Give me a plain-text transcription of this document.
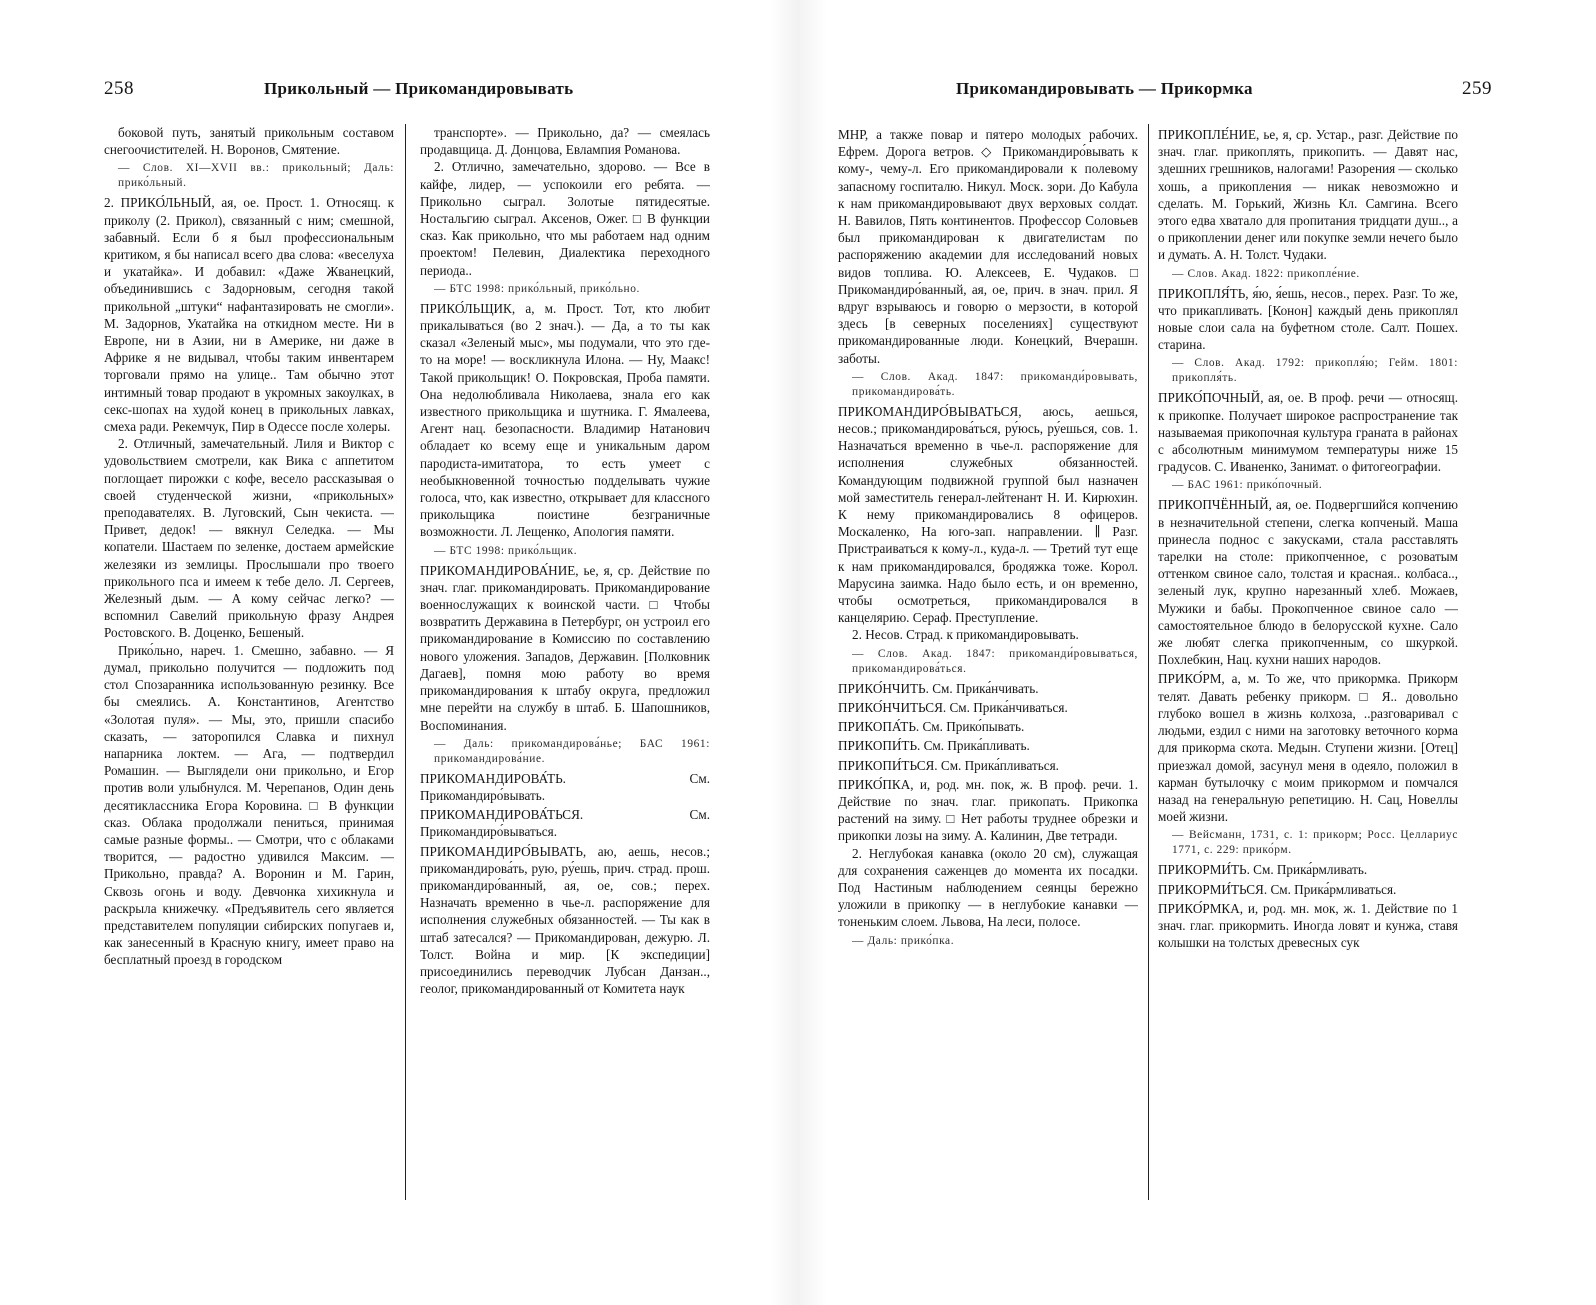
258	Прикольный — Прикомандировывать

боковой путь, занятый прикольным составом снегоочистителей. Н. Воронов, Смятение.

— Слов. XI—XVII вв.: прикольный; Даль: прико́льный.

2. ПРИКО́ЛЬНЫЙ, ая, ое. Прост. 1. Относящ. к приколу (2. Прикол), связанный с ним; смешной, забавный. Если б я был профессиональным критиком, я бы написал всего два слова: «веселуха и укатайка». И добавил: «Даже Жванецкий, объединившись с Задорновым, сегодня такой прикольной „штуки“ нафантазировать не смогли». М. Задорнов, Укатайка на откидном месте. Ни в Европе, ни в Азии, ни в Америке, ни даже в Африке я не видывал, чтобы таким инвентарем торговали прямо на улице.. Там обычно этот интимный товар продают в укромных закоулках, в секс-шопах на худой конец в прикольных лавках, смеха ради. Рекемчук, Пир в Одессе после холеры.

2. Отличный, замечательный. Лиля и Виктор с удовольствием смотрели, как Вика с аппетитом поглощает пирожки с кофе, весело рассказывая о своей студенческой жизни, «прикольных» преподавателях. В. Луговский, Сын чекиста. — Привет, дедок! — вякнул Селедка. — Мы копатели. Шастаем по зеленке, достаем армейские железяки из землицы. Прослышали про твоего прикольного пса и имеем к тебе дело. Л. Сергеев, Железный дым. — А кому сейчас легко? — вспомнил Савелий прикольную фразу Андрея Ростовского. В. Доценко, Бешеный.

Прико́льно, нареч. 1. Смешно, забавно. — Я думал, прикольно получится — подложить под стол Спозаранника использованную резинку. Все бы смеялись. А. Константинов, Агентство «Золотая пуля». — Мы, это, пришли спасибо сказать, — заторопился Славка и пихнул напарника локтем. — Ага, — подтвердил Ромашин. — Выглядели они прикольно, и Егор против воли улыбнулся. М. Черепанов, Один день десятиклассника Егора Коровина. □ В функции сказ. Облака продолжали пениться, принимая самые разные формы.. — Смотри, что с облаками творится, — радостно удивился Максим. — Прикольно, правда? А. Воронин и М. Гарин, Сквозь огонь и воду. Девчонка хихикнула и раскрыла книжечку. «Предъявитель сего является представителем популяции сибирских попугаев и, как занесенный в Красную книгу, имеет право на бесплатный проезд в городском

транспорте». — Прикольно, да? — смеялась продавщица. Д. Донцова, Евлампия Романова.

2. Отлично, замечательно, здорово. — Все в кайфе, лидер, — успокоили его ребята. — Прикольно сыграл. Золотые пятидесятые. Ностальгию сыграл. Аксенов, Ожег. □ В функции сказ. Как прикольно, что мы работаем над одним проектом! Пелевин, Диалектика переходного периода..

— БТС 1998: прико́льный, прико́льно.

ПРИКО́ЛЬЩИК, а, м. Прост. Тот, кто любит прикалываться (во 2 знач.). — Да, а то ты как сказал «Зеленый мыс», мы подумали, что это где-то на море! — воскликнула Илона. — Ну, Маакс! Такой прикольщик! О. Покровская, Проба памяти. Она недолюбливала Николаева, знала его как известного прикольщика и шутника. Г. Ямалеева, Агент нац. безопасности. Владимир Натанович обладает ко всему еще и уникальным даром пародиста-имитатора, то есть умеет с необыкновенной точностью подделывать чужие голоса, что, как известно, открывает для классного прикольщика поистине безграничные возможности. Л. Лещенко, Апология памяти.

— БТС 1998: прико́льщик.

ПРИКОМАНДИРОВА́НИЕ, ье, я, ср. Действие по знач. глаг. прикомандировать. Прикомандирование военнослужащих к воинской части. □ Чтобы возвратить Державина в Петербург, он устроил его прикомандирование в Комиссию по составлению нового уложения. Западов, Державин. [Полковник Дагаев], помня мою работу во время прикомандирования к штабу округа, предложил мне перейти на службу в штаб. Б. Шапошников, Воспоминания.

— Даль: прикомандирова́нье; БАС 1961: прикомандирова́ние.

ПРИКОМАНДИРОВА́ТЬ. См. Прикомандиро́вывать.

ПРИКОМАНДИРОВА́ТЬСЯ. См. Прикомандиро́вываться.

ПРИКОМАНДИРО́ВЫВАТЬ, аю, аешь, несов.; прикомандирова́ть, рую, ру́ешь, прич. страд. прош. прикомандиро́ванный, ая, ое, сов.; перех. Назначать временно в чье-л. распоряжение для исполнения служебных обязанностей. — Ты как в штаб затесался? — Прикомандирован, дежурю. Л. Толст. Война и мир. [К экспедиции] присоединились переводчик Лубсан Данзан.., геолог, прикомандированный от Комитета наук

Прикомандировывать — Прикормка	259

МНР, а также повар и пятеро молодых рабочих. Ефрем. Дорога ветров. ◇ Прикомандиро́вывать к кому-, чему-л. Его прикомандировали к полевому запасному госпиталю. Никул. Моск. зори. До Кабула к нам прикомандировывают двух верховых солдат. Н. Вавилов, Пять континентов. Профессор Соловьев был прикомандирован к двигателистам по распоряжению академии для исследований новых видов топлива. Ю. Алексеев, Е. Чудаков. □ Прикомандиро́ванный, ая, ое, прич. в знач. прил. Я вдруг взрываюсь и говорю о мерзости, в которой здесь [в северных поселениях] существуют прикомандированные люди. Конецкий, Вчерашн. заботы.

— Слов. Акад. 1847: прикоманди́ровывать, прикомандирова́ть.

ПРИКОМАНДИРО́ВЫВАТЬСЯ, аюсь, аешься, несов.; прикомандирова́ться, ру́юсь, ру́ешься, сов. 1. Назначаться временно в чье-л. распоряжение для исполнения служебных обязанностей. Командующим подвижной группой был назначен мой заместитель генерал-лейтенант Н. И. Кирюхин. К нему прикомандировались 8 офицеров. Москаленко, На юго-зап. направлении. ∥ Разг. Пристраиваться к кому-л., куда-л. — Третий тут еще к нам прикомандировался, бродяжка тоже. Корол. Марусина заимка. Надо было есть, и он временно, чтобы осмотреться, прикомандировался в канцелярию. Сераф. Преступление.

2. Несов. Страд. к прикомандировывать.

— Слов. Акад. 1847: прикоманди́ровываться, прикомандирова́ться.

ПРИКО́НЧИТЬ. См. Прика́нчивать.

ПРИКО́НЧИТЬСЯ. См. Прика́нчиваться.

ПРИКОПА́ТЬ. См. Прико́пывать.

ПРИКОПИ́ТЬ. См. Прика́пливать.

ПРИКОПИ́ТЬСЯ. См. Прика́пливаться.

ПРИКО́ПКА, и, род. мн. пок, ж. В проф. речи. 1. Действие по знач. глаг. прикопать. Прикопка растений на зиму. □ Нет работы труднее обрезки и прикопки лозы на зиму. А. Калинин, Две тетради.

2. Неглубокая канавка (около 20 см), служащая для сохранения саженцев до момента их посадки. Под Настиным наблюдением сеянцы бережно уложили в прикопку — в неглубокие канавки — тоненьким слоем. Львова, На леси, полосе.

— Даль: прико́пка.

ПРИКОПЛЕ́НИЕ, ье, я, ср. Устар., разг. Действие по знач. глаг. прикоплять, прикопить. — Давят нас, здешних грешников, налогами! Разорения — сколько хошь, а прикопления — никак невозможно и сделать. М. Горький, Жизнь Кл. Самгина. Всего этого едва хватало для пропитания тридцати душ.., а о прикоплении денег или покупке земли нечего было и думать. А. Н. Толст. Чудаки.

— Слов. Акад. 1822: прикопле́ние.

ПРИКОПЛЯ́ТЬ, я́ю, я́ешь, несов., перех. Разг. То же, что прикапливать. [Конон] каждый день прикоплял новые слои сала на буфетном столе. Салт. Пошех. старина.

— Слов. Акад. 1792: прикопля́ю; Гейм. 1801: прикопля́ть.

ПРИКО́ПОЧНЫЙ, ая, ое. В проф. речи — относящ. к прикопке. Получает широкое распространение так называемая прикопочная культура граната в районах с абсолютным минимумом температуры ниже 15 градусов. С. Иваненко, Занимат. о фитогеографии.

— БАС 1961: прико́почный.

ПРИКОПЧЁННЫЙ, ая, ое. Подвергшийся копчению в незначительной степени, слегка копченый. Маша принесла поднос с закусками, стала расставлять тарелки на столе: прикопченное, с розоватым оттенком свиное сало, толстая и красная.. колбаса.., зеленый лук, крупно нарезанный хлеб. Можаев, Мужики и бабы. Прокопченное свиное сало — самостоятельное блюдо в белорусской кухне. Сало же любят слегка прикопченным, со шкуркой. Похлебкин, Нац. кухни наших народов.

ПРИКО́РМ, а, м. То же, что прикормка. Прикорм телят. Давать ребенку прикорм. □ Я.. довольно глубоко вошел в жизнь колхоза, ..разговаривал с людьми, ездил с ними на заготовку веточного корма для прикорма скота. Медын. Ступени жизни. [Отец] приезжал домой, засунул меня в одеяло, положил в карман бутылочку с моим прикормом и помчался назад на генеральную репетицию. Н. Сац, Новеллы моей жизни.

— Вейсманн, 1731, с. 1: прикорм; Росс. Целлариус 1771, с. 229: прико́рм.

ПРИКОРМИ́ТЬ. См. Прика́рмливать.

ПРИКОРМИ́ТЬСЯ. См. Прика́рмливаться.

ПРИКО́РМКА, и, род. мн. мок, ж. 1. Действие по 1 знач. глаг. прикормить. Иногда ловят и кунжа, ставя колышки на толстых древесных сук
